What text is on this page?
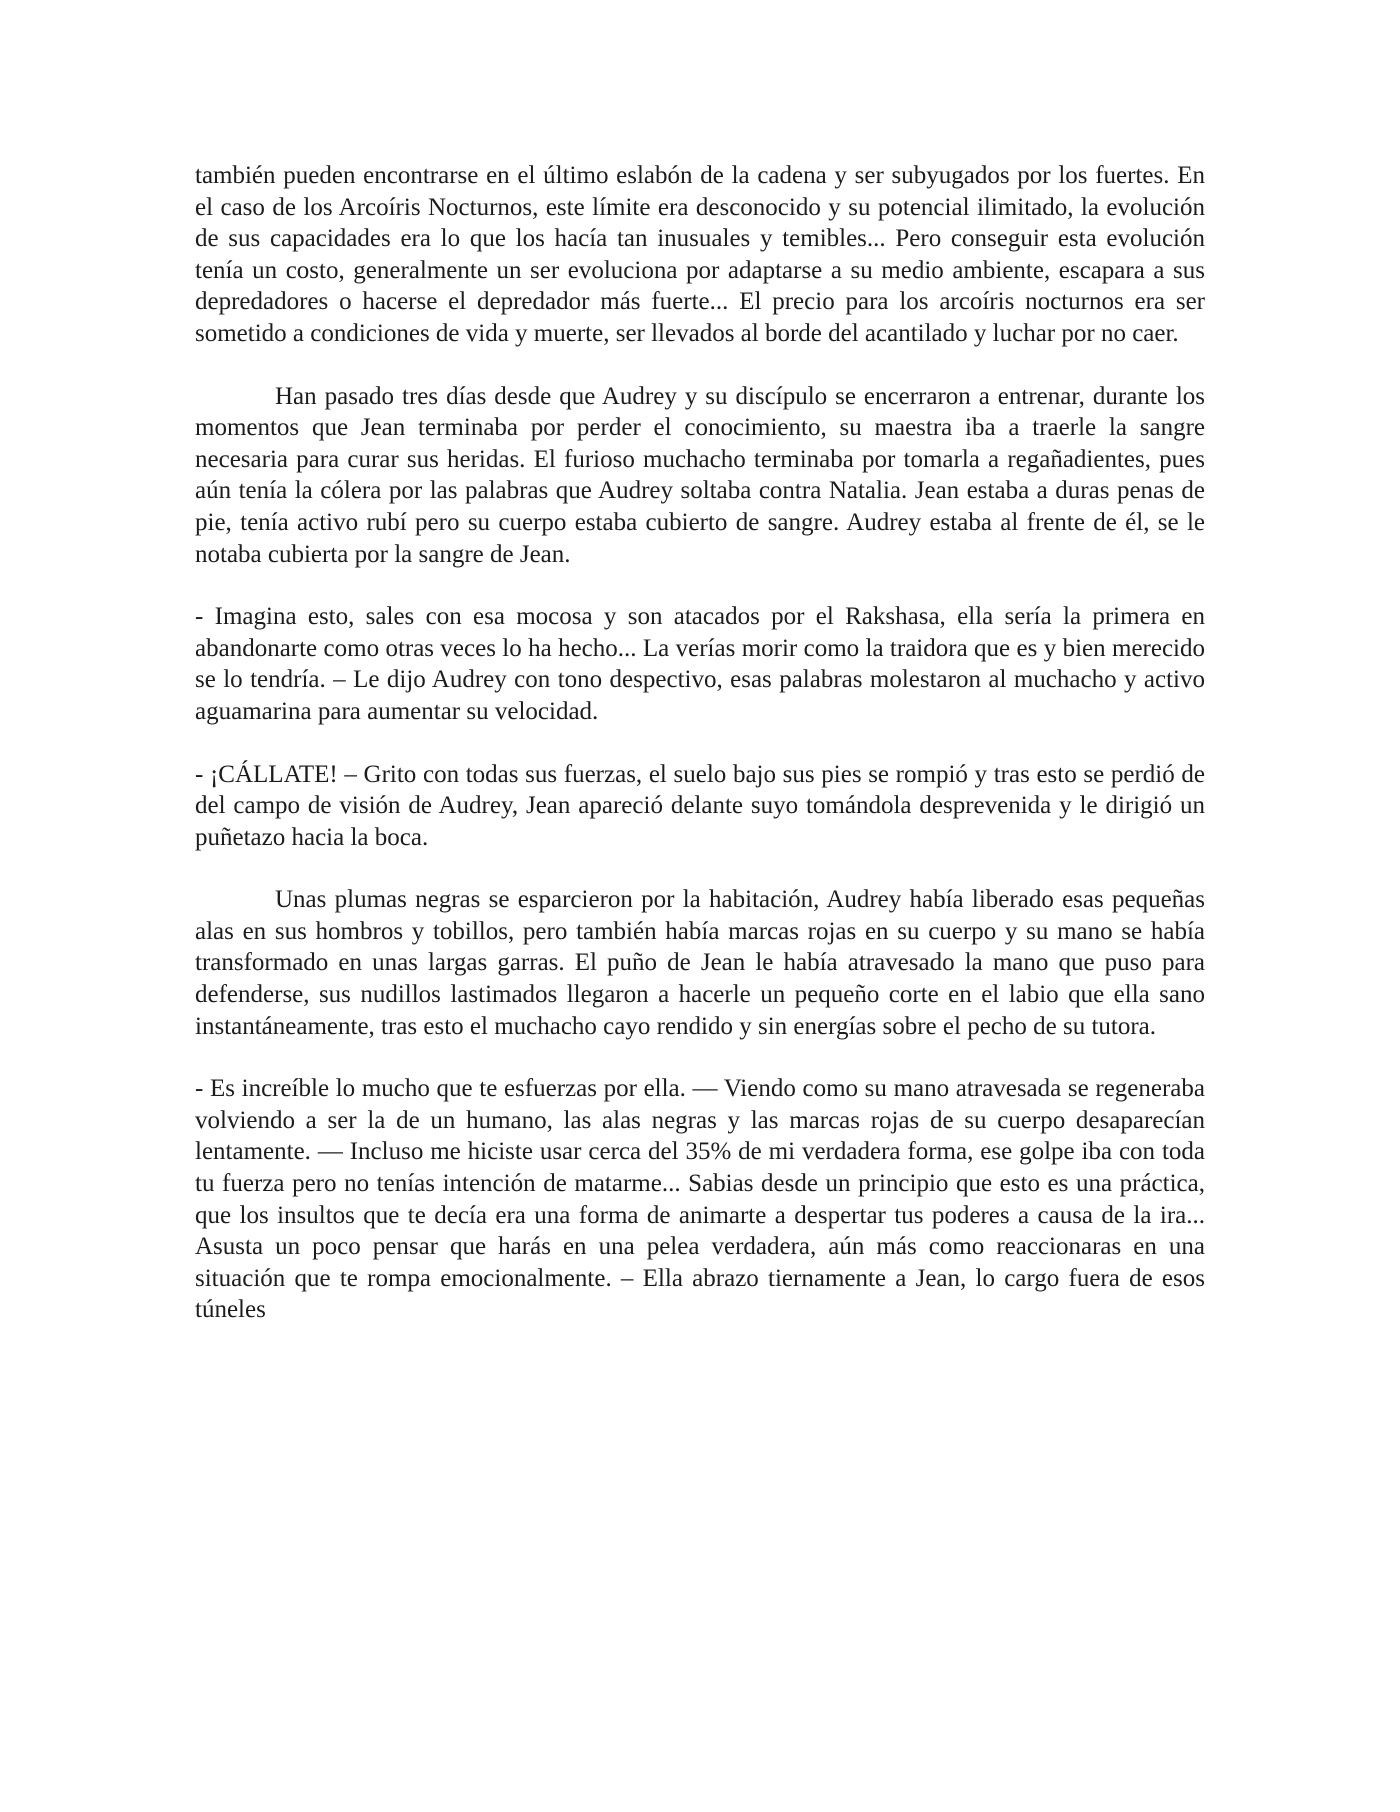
también pueden encontrarse en el último eslabón de la cadena y ser subyugados por los fuertes. En el caso de los Arcoíris Nocturnos, este límite era desconocido y su potencial ilimitado, la evolución de sus capacidades era lo que los hacía tan inusuales y temibles... Pero conseguir esta evolución tenía un costo, generalmente un ser evoluciona por adaptarse a su medio ambiente, escapara a sus depredadores o hacerse el depredador más fuerte... El precio para los arcoíris nocturnos era ser sometido a condiciones de vida y muerte, ser llevados al borde del acantilado y luchar por no caer.

Han pasado tres días desde que Audrey y su discípulo se encerraron a entrenar, durante los momentos que Jean terminaba por perder el conocimiento, su maestra iba a traerle la sangre necesaria para curar sus heridas. El furioso muchacho terminaba por tomarla a regañadientes, pues aún tenía la cólera por las palabras que Audrey soltaba contra Natalia. Jean estaba a duras penas de pie, tenía activo rubí pero su cuerpo estaba cubierto de sangre. Audrey estaba al frente de él, se le notaba cubierta por la sangre de Jean.

- Imagina esto, sales con esa mocosa y son atacados por el Rakshasa, ella sería la primera en abandonarte como otras veces lo ha hecho... La verías morir como la traidora que es y bien merecido se lo tendría. – Le dijo Audrey con tono despectivo, esas palabras molestaron al muchacho y activo aguamarina para aumentar su velocidad.

- ¡CÁLLATE! – Grito con todas sus fuerzas, el suelo bajo sus pies se rompió y tras esto se perdió de del campo de visión de Audrey, Jean apareció delante suyo tomándola desprevenida y le dirigió un puñetazo hacia la boca.

Unas plumas negras se esparcieron por la habitación, Audrey había liberado esas pequeñas alas en sus hombros y tobillos, pero también había marcas rojas en su cuerpo y su mano se había transformado en unas largas garras. El puño de Jean le había atravesado la mano que puso para defenderse, sus nudillos lastimados llegaron a hacerle un pequeño corte en el labio que ella sano instantáneamente, tras esto el muchacho cayo rendido y sin energías sobre el pecho de su tutora.

- Es increíble lo mucho que te esfuerzas por ella. — Viendo como su mano atravesada se regeneraba volviendo a ser la de un humano, las alas negras y las marcas rojas de su cuerpo desaparecían lentamente. — Incluso me hiciste usar cerca del 35% de mi verdadera forma, ese golpe iba con toda tu fuerza pero no tenías intención de matarme... Sabias desde un principio que esto es una práctica, que los insultos que te decía era una forma de animarte a despertar tus poderes a causa de la ira... Asusta un poco pensar que harás en una pelea verdadera, aún más como reaccionaras en una situación que te rompa emocionalmente. – Ella abrazo tiernamente a Jean, lo cargo fuera de esos túneles
